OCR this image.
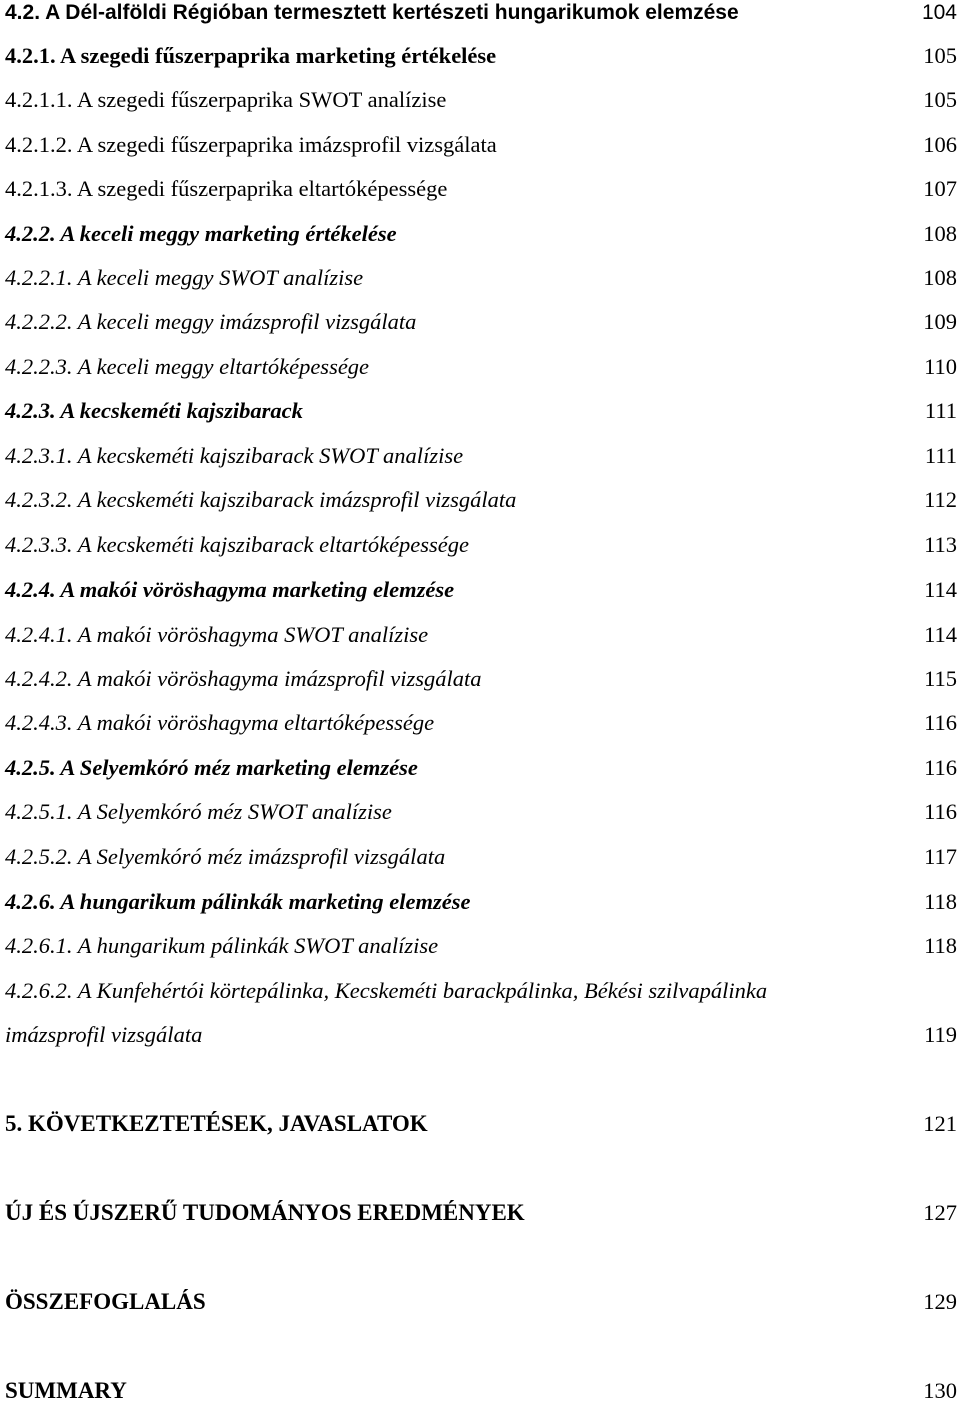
4.2. A Dél-alföldi Régióban termesztett kertészeti hungarikumok elemzése	104
4.2.1. A szegedi fűszerpaprika marketing értékelése	105
4.2.1.1. A szegedi fűszerpaprika SWOT analízise	105
4.2.1.2. A szegedi fűszerpaprika imázsprofil vizsgálata	106
4.2.1.3. A szegedi fűszerpaprika eltartóképessége	107
4.2.2. A keceli meggy marketing értékelése	108
4.2.2.1. A keceli meggy SWOT analízise	108
4.2.2.2. A keceli meggy imázsprofil vizsgálata	109
4.2.2.3. A keceli meggy eltartóképessége	110
4.2.3. A kecskeméti kajszibarack	111
4.2.3.1. A kecskeméti kajszibarack SWOT analízise	111
4.2.3.2. A kecskeméti kajszibarack imázsprofil vizsgálata	112
4.2.3.3. A kecskeméti kajszibarack eltartóképessége	113
4.2.4. A makói vöröshagyma marketing elemzése	114
4.2.4.1. A makói vöröshagyma SWOT analízise	114
4.2.4.2. A makói vöröshagyma imázsprofil vizsgálata	115
4.2.4.3. A makói vöröshagyma eltartóképessége	116
4.2.5. A Selyemkóró méz marketing elemzése	116
4.2.5.1. A Selyemkóró méz SWOT analízise	116
4.2.5.2. A Selyemkóró méz imázsprofil vizsgálata	117
4.2.6. A hungarikum pálinkák marketing elemzése	118
4.2.6.1. A hungarikum pálinkák SWOT analízise	118
4.2.6.2. A Kunfehértói körtepálinka, Kecskeméti barackpálinka, Békési szilvapálinka
imázsprofil vizsgálata	119
5. KÖVETKEZTETÉSEK, JAVASLATOK	121
ÚJ ÉS ÚJSZERŰ TUDOMÁNYOS EREDMÉNYEK	127
ÖSSZEFOGLALÁS	129
SUMMARY	130
